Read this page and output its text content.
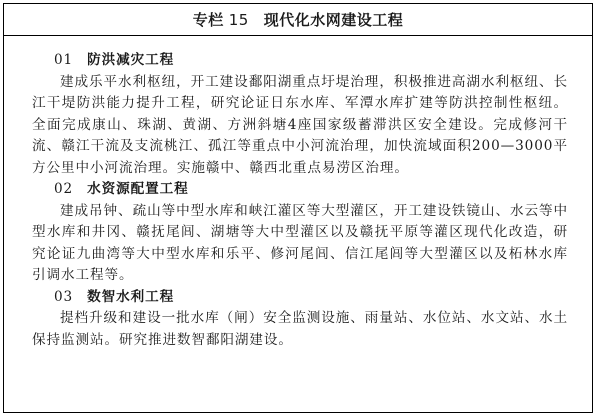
专栏 15 现代化水网建设工程
01 防洪减灾工程

建成乐平水利枢纽，开工建设鄱阳湖重点圩堤治理，积极推进高湖水利枢纽、长江干堤防洪能力提升工程，研究论证日东水库、军潭水库扩建等防洪控制性枢纽。全面完成康山、珠湖、黄湖、方洲斜塘4座国家级蓄滞洪区安全建设。完成修河干流、赣江干流及支流桃江、孤江等重点中小河流治理，加快流域面积200—3000平方公里中小河流治理。实施赣中、赣西北重点易涝区治理。

02 水资源配置工程

建成吊钟、疏山等中型水库和峡江灌区等大型灌区，开工建设铁镜山、水云等中型水库和井冈、赣抚尾闾、湖塘等大中型灌区以及赣抚平原等灌区现代化改造，研究论证九曲湾等大中型水库和乐平、修河尾闾、信江尾闾等大型灌区以及柘林水库引调水工程等。

03 数智水利工程

提档升级和建设一批水库（闸）安全监测设施、雨量站、水位站、水文站、水土保持监测站。研究推进数智鄱阳湖建设。
